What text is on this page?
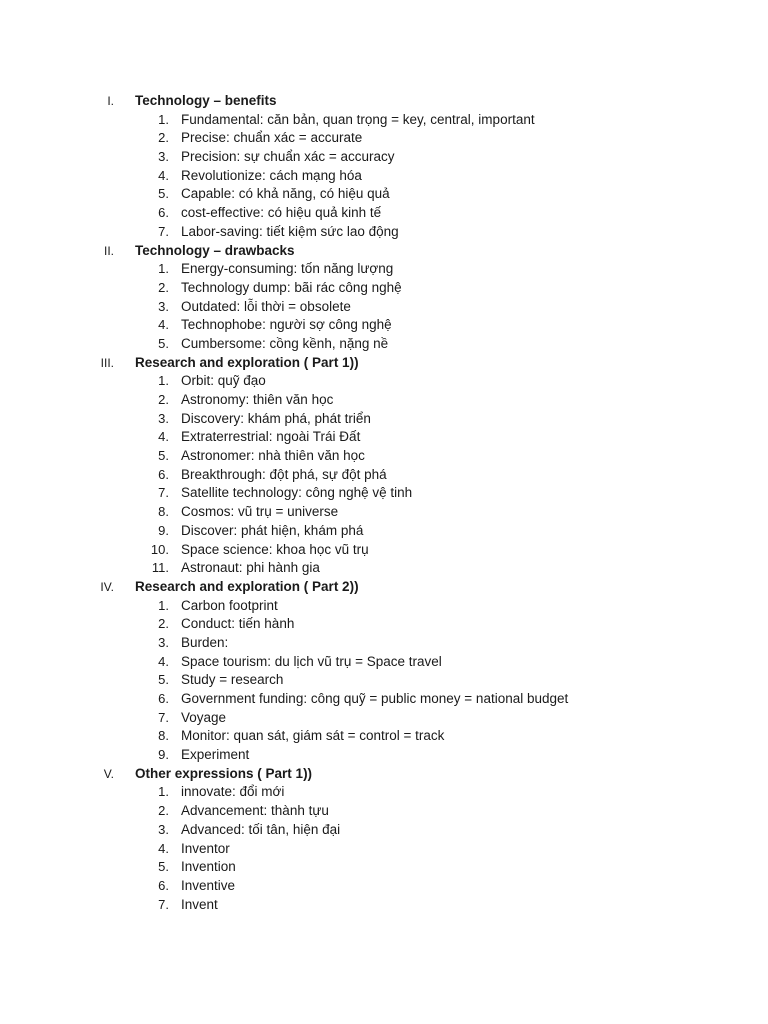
I. Technology – benefits
1. Fundamental: căn bản, quan trọng = key, central, important
2. Precise: chuẩn xác = accurate
3. Precision: sự chuẩn xác = accuracy
4. Revolutionize: cách mạng hóa
5. Capable: có khả năng, có hiệu quả
6. cost-effective: có hiệu quả kinh tế
7. Labor-saving: tiết kiệm sức lao động
II. Technology – drawbacks
1. Energy-consuming: tốn năng lượng
2. Technology dump: bãi rác công nghệ
3. Outdated: lỗi thời = obsolete
4. Technophobe: người sợ công nghệ
5. Cumbersome: cồng kềnh, nặng nề
III. Research and exploration ( Part 1))
1. Orbit: quỹ đạo
2. Astronomy: thiên văn học
3. Discovery: khám phá, phát triển
4. Extraterrestrial: ngoài Trái Đất
5. Astronomer: nhà thiên văn học
6. Breakthrough: đột phá, sự đột phá
7. Satellite technology: công nghệ vệ tinh
8. Cosmos: vũ trụ = universe
9. Discover: phát hiện, khám phá
10. Space science: khoa học vũ trụ
11. Astronaut: phi hành gia
IV. Research and exploration ( Part 2))
1. Carbon footprint
2. Conduct: tiến hành
3. Burden:
4. Space tourism: du lịch vũ trụ = Space travel
5. Study = research
6. Government funding: công quỹ = public money = national budget
7. Voyage
8. Monitor: quan sát, giám sát = control = track
9. Experiment
V. Other expressions ( Part 1))
1. innovate: đổi mới
2. Advancement: thành tựu
3. Advanced: tối tân, hiện đại
4. Inventor
5. Invention
6. Inventive
7. Invent
